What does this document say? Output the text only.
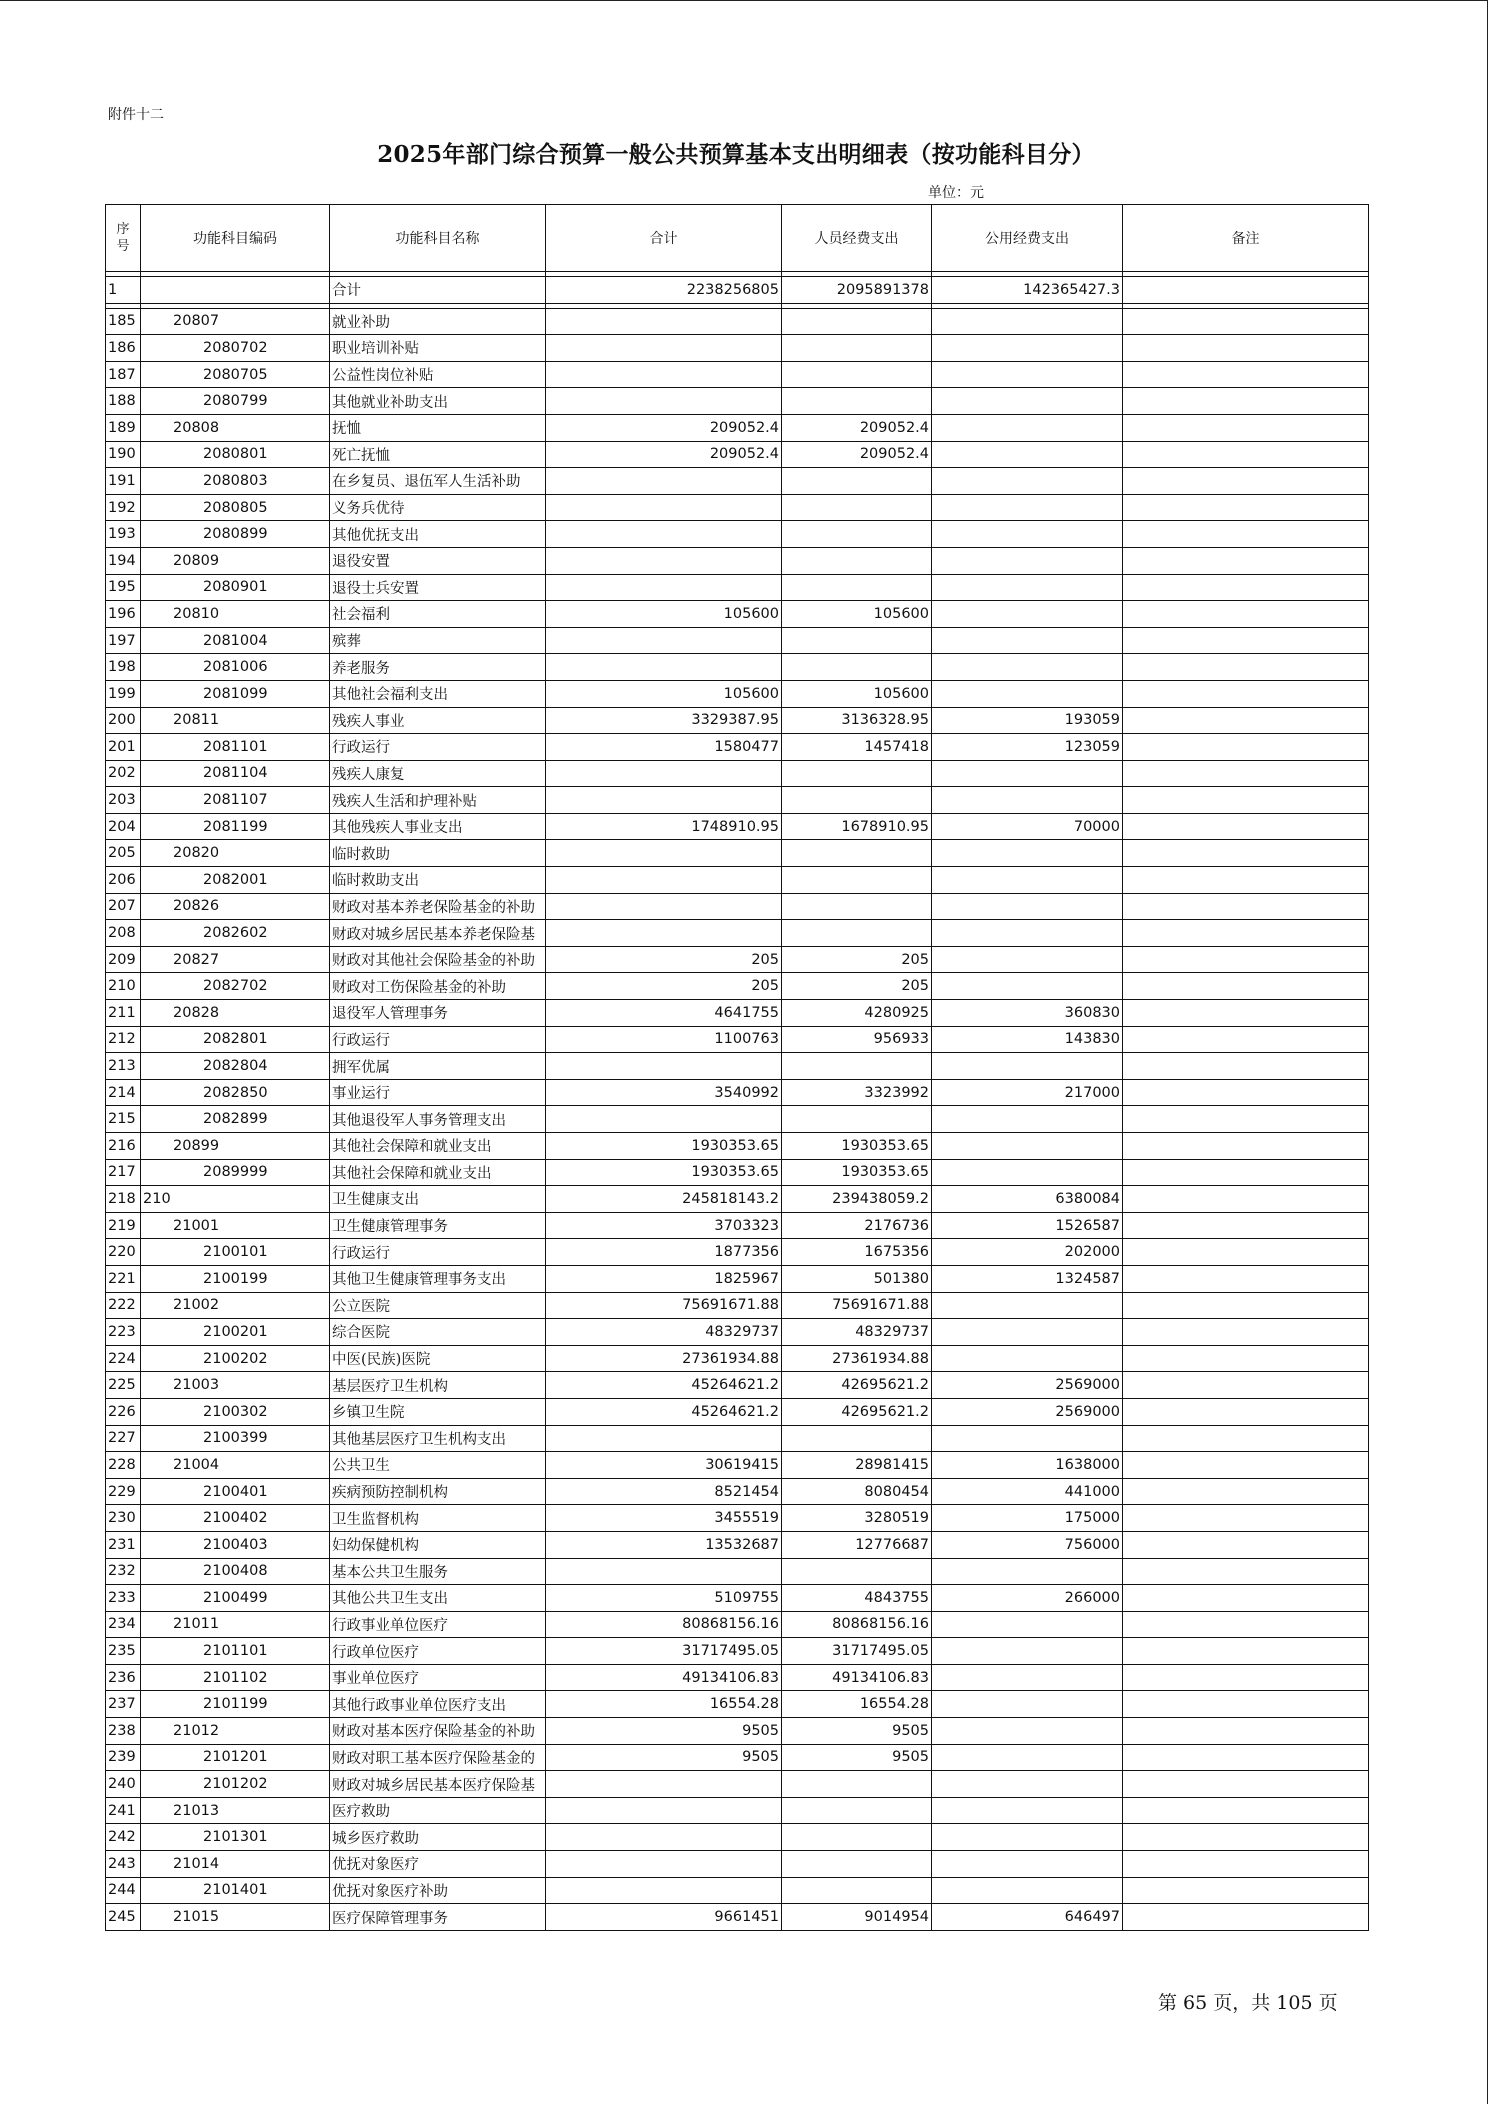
附件十二
2025年部门综合预算一般公共预算基本支出明细表（按功能科目分）
单位：元
序号	功能科目编码	功能科目名称	合计	人员经费支出	公用经费支出	备注

1		合计	2238256805	2095891378	142365427.3	

185	20807	就业补助				
186	2080702	职业培训补贴				
187	2080705	公益性岗位补贴				
188	2080799	其他就业补助支出				
189	20808	抚恤	209052.4	209052.4		
190	2080801	死亡抚恤	209052.4	209052.4		
191	2080803	在乡复员、退伍军人生活补助				
192	2080805	义务兵优待				
193	2080899	其他优抚支出				
194	20809	退役安置				
195	2080901	退役士兵安置				
196	20810	社会福利	105600	105600		
197	2081004	殡葬				
198	2081006	养老服务				
199	2081099	其他社会福利支出	105600	105600		
200	20811	残疾人事业	3329387.95	3136328.95	193059	
201	2081101	行政运行	1580477	1457418	123059	
202	2081104	残疾人康复				
203	2081107	残疾人生活和护理补贴				
204	2081199	其他残疾人事业支出	1748910.95	1678910.95	70000	
205	20820	临时救助				
206	2082001	临时救助支出				
207	20826	财政对基本养老保险基金的补助				
208	2082602	财政对城乡居民基本养老保险基				
209	20827	财政对其他社会保险基金的补助	205	205		
210	2082702	财政对工伤保险基金的补助	205	205		
211	20828	退役军人管理事务	4641755	4280925	360830	
212	2082801	行政运行	1100763	956933	143830	
213	2082804	拥军优属				
214	2082850	事业运行	3540992	3323992	217000	
215	2082899	其他退役军人事务管理支出				
216	20899	其他社会保障和就业支出	1930353.65	1930353.65		
217	2089999	其他社会保障和就业支出	1930353.65	1930353.65		
218	210	卫生健康支出	245818143.2	239438059.2	6380084	
219	21001	卫生健康管理事务	3703323	2176736	1526587	
220	2100101	行政运行	1877356	1675356	202000	
221	2100199	其他卫生健康管理事务支出	1825967	501380	1324587	
222	21002	公立医院	75691671.88	75691671.88		
223	2100201	综合医院	48329737	48329737		
224	2100202	中医(民族)医院	27361934.88	27361934.88		
225	21003	基层医疗卫生机构	45264621.2	42695621.2	2569000	
226	2100302	乡镇卫生院	45264621.2	42695621.2	2569000	
227	2100399	其他基层医疗卫生机构支出				
228	21004	公共卫生	30619415	28981415	1638000	
229	2100401	疾病预防控制机构	8521454	8080454	441000	
230	2100402	卫生监督机构	3455519	3280519	175000	
231	2100403	妇幼保健机构	13532687	12776687	756000	
232	2100408	基本公共卫生服务				
233	2100499	其他公共卫生支出	5109755	4843755	266000	
234	21011	行政事业单位医疗	80868156.16	80868156.16		
235	2101101	行政单位医疗	31717495.05	31717495.05		
236	2101102	事业单位医疗	49134106.83	49134106.83		
237	2101199	其他行政事业单位医疗支出	16554.28	16554.28		
238	21012	财政对基本医疗保险基金的补助	9505	9505		
239	2101201	财政对职工基本医疗保险基金的	9505	9505		
240	2101202	财政对城乡居民基本医疗保险基				
241	21013	医疗救助				
242	2101301	城乡医疗救助				
243	21014	优抚对象医疗				
244	2101401	优抚对象医疗补助				
245	21015	医疗保障管理事务	9661451	9014954	646497	
第 65 页，共 105 页
